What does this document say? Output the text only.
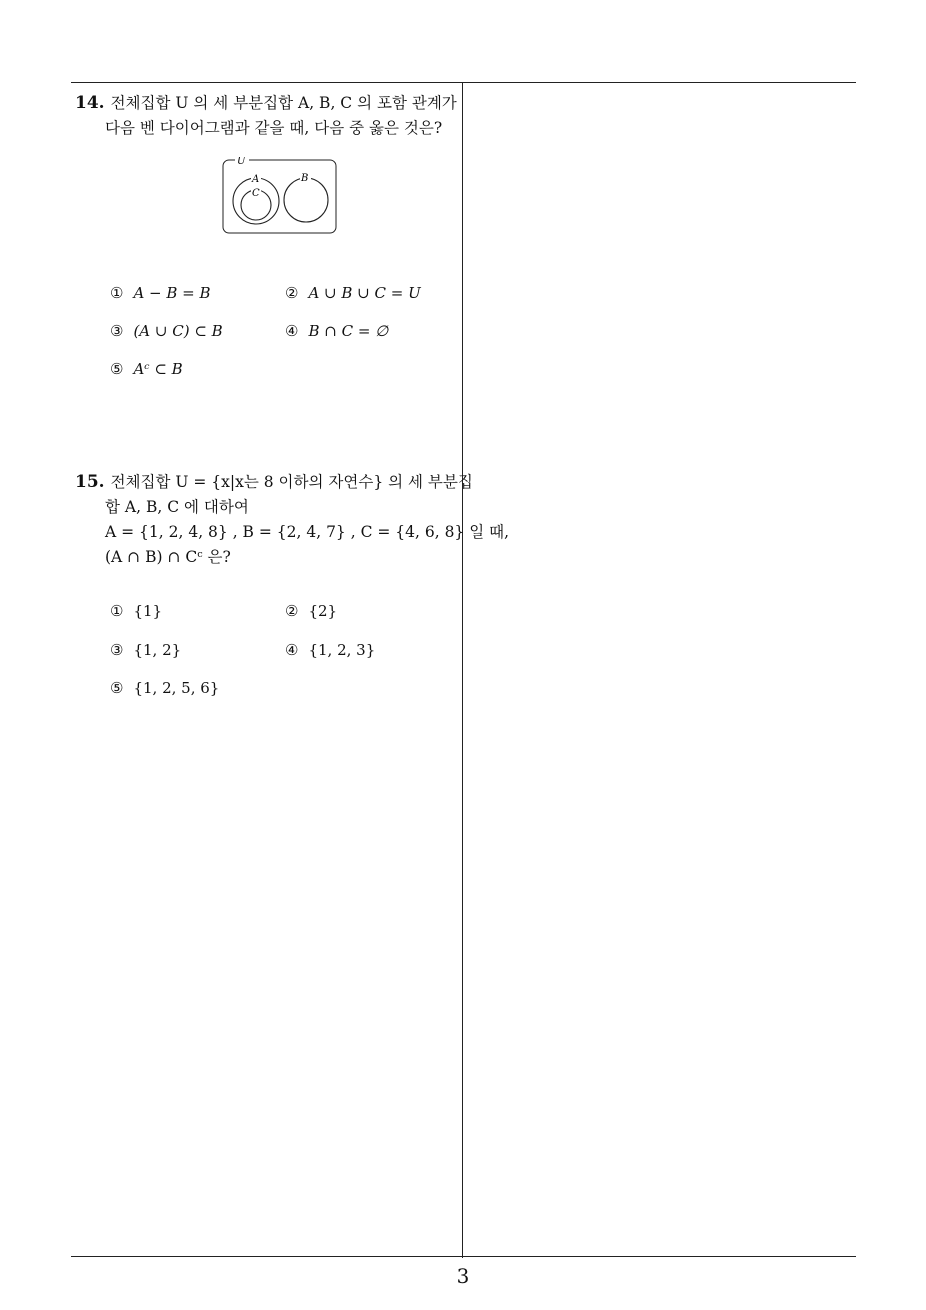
14. 전체집합 U 의 세 부분집합 A, B, C 의 포함 관계가
다음 벤 다이어그램과 같을 때, 다음 중 옳은 것은?
U
A
C
B
① A − B = B	② A ∪ B ∪ C = U
③ (A ∪ C) ⊂ B	④ B ∩ C = ∅
⑤ Aᶜ ⊂ B
15. 전체집합 U = {x|x는 8 이하의 자연수} 의 세 부분집
합 A, B, C 에 대하여
A = {1, 2, 4, 8} , B = {2, 4, 7} , C = {4, 6, 8} 일 때,
(A ∩ B) ∩ Cᶜ 은?
① {1}	② {2}
③ {1, 2}	④ {1, 2, 3}
⑤ {1, 2, 5, 6}
3
